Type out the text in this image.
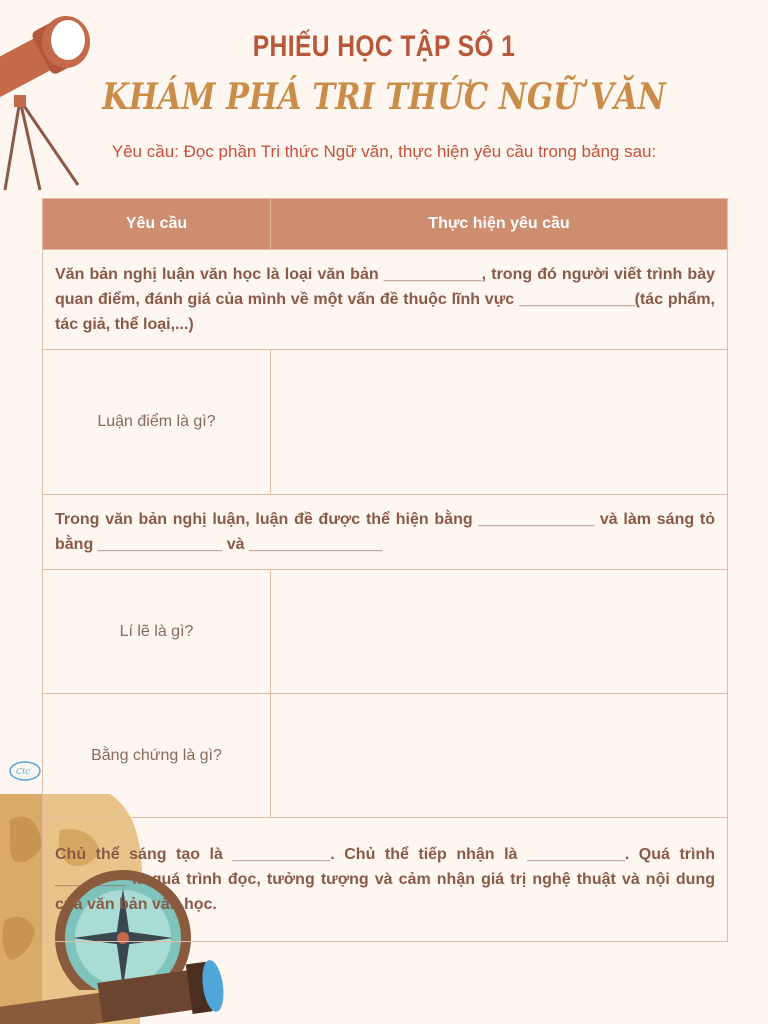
Ctc
PHIẾU HỌC TẬP SỐ 1
KHÁM PHÁ TRI THỨC NGỮ VĂN
Yêu cầu: Đọc phần Tri thức Ngữ văn, thực hiện yêu cầu trong bảng sau:
Yêu cầu	Thực hiện yêu cầu
Văn bản nghị luận văn học là loại văn bản ___________, trong đó người viết trình bày quan điểm, đánh giá của mình về một vấn đề thuộc lĩnh vực _____________(tác phẩm, tác giả, thể loại,...)	
Luận điểm là gì?	
Trong văn bản nghị luận, luận đề được thể hiện bằng _____________ và làm sáng tỏ bằng ______________ và _______________	
Lí lẽ là gì?	
Bằng chứng là gì?	
Chủ thể sáng tạo là ___________. Chủ thể tiếp nhận là ___________. Quá trình ________ là quá trình đọc, tưởng tượng và cảm nhận giá trị nghệ thuật và nội dung của văn bản văn học.	
